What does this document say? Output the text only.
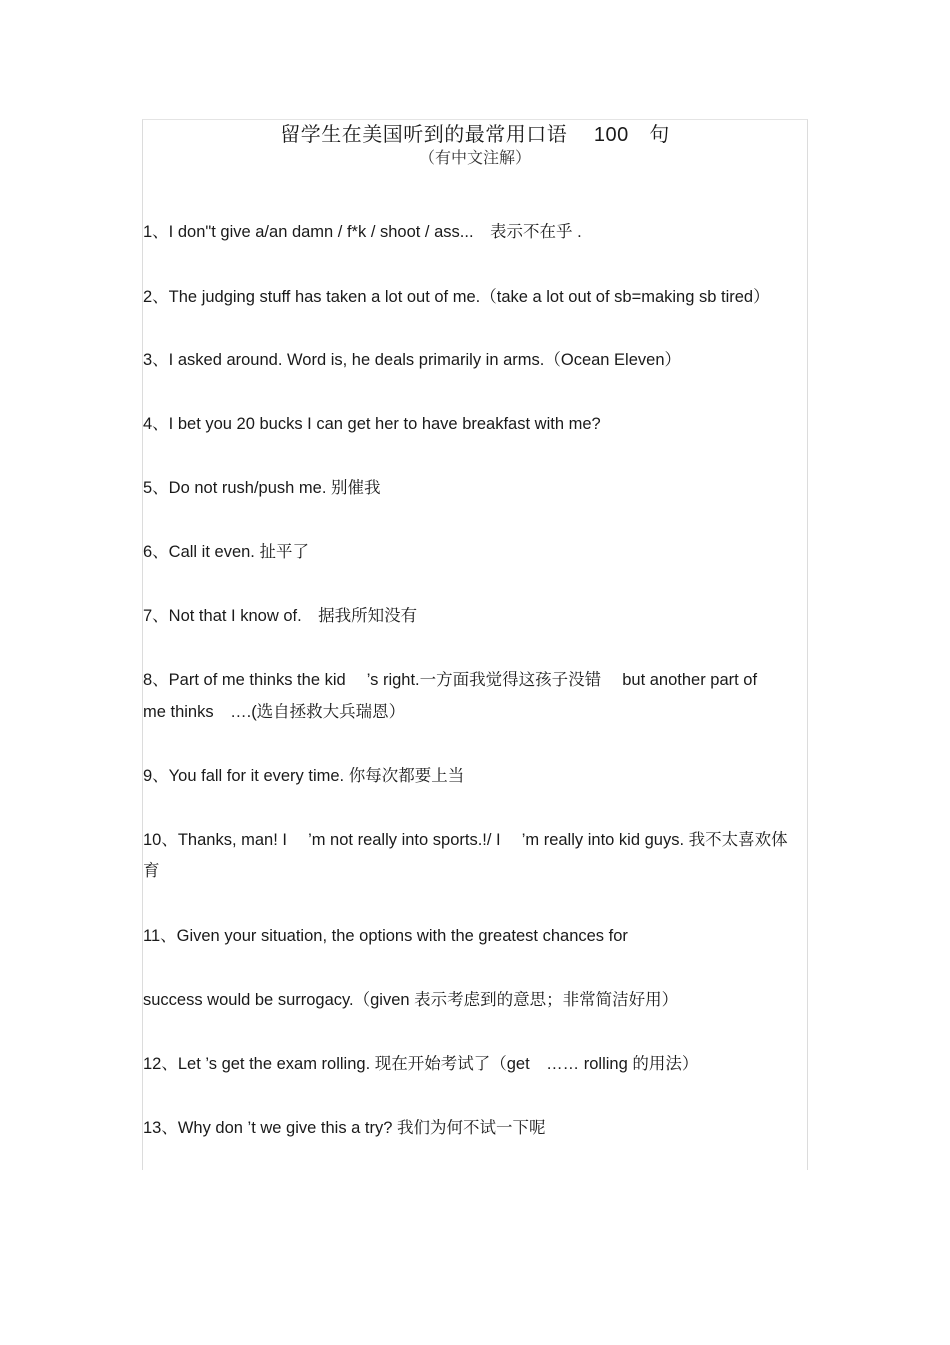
留学生在美国听到的最常用口语　 100　句
（有中文注解）
1、I don"t give a/an damn / f*k / shoot / ass...　表示不在乎 .
2、The judging stuff has taken a lot out of me.（take a lot out of sb=making sb tired）
3、I asked around. Word is, he deals primarily in arms.（Ocean Eleven）
4、I bet you 20 bucks I can get her to have breakfast with me?
5、Do not rush/push me. 别催我
6、Call it even. 扯平了
7、Not that I know of.　据我所知没有
8、Part of me thinks the kid　 ’s right.一方面我觉得这孩子没错　 but another part of
me thinks　….(选自拯救大兵瑞恩）
9、You fall for it every time. 你每次都要上当
10、Thanks, man! I　 ’m not really into sports.!/ I　 ’m really into kid guys. 我不太喜欢体
育
11、Given your situation, the options with the greatest chances for
success would be surrogacy.（given 表示考虑到的意思；非常简洁好用）
12、Let ’s get the exam rolling. 现在开始考试了（get　…… rolling 的用法）
13、Why don ’t we give this a try? 我们为何不试一下呢
